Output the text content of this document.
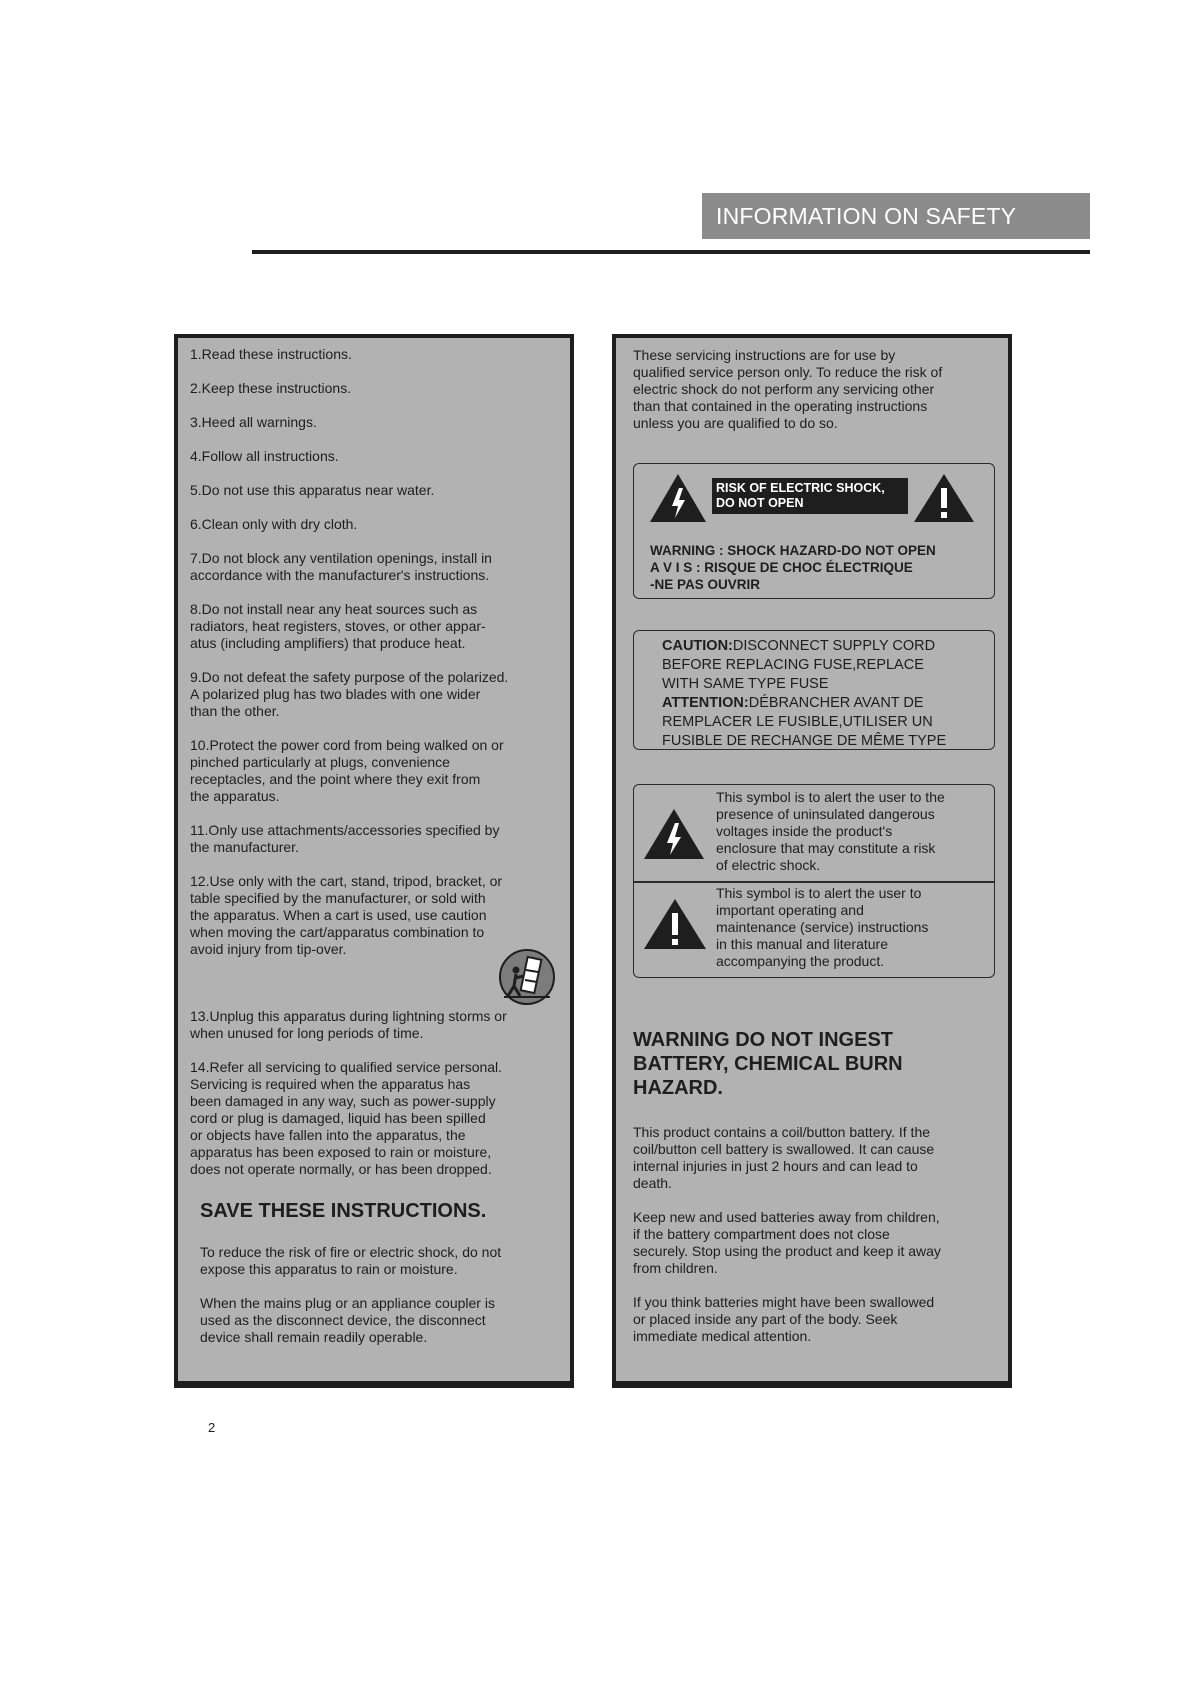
INFORMATION ON SAFETY
1.Read these instructions.
2.Keep these instructions.
3.Heed all warnings.
4.Follow all instructions.
5.Do not use this apparatus near water.
6.Clean only with dry cloth.
7.Do not block any ventilation openings, install in
accordance with the manufacturer's instructions.
8.Do not install near any heat sources such as
radiators, heat registers, stoves, or other appar-
atus (including amplifiers) that produce heat.
9.Do not defeat the safety purpose of the polarized.
A polarized plug has two blades with one wider
than the other.
10.Protect the power cord from being walked on or
pinched particularly at plugs, convenience
receptacles, and the point where they exit from
the apparatus.
11.Only use attachments/accessories specified by
the manufacturer.
12.Use only with the cart, stand, tripod, bracket, or
table specified by the manufacturer, or sold with
the apparatus. When a cart is used, use caution
when moving the cart/apparatus combination to
avoid injury from tip-over.
13.Unplug this apparatus during lightning storms or
when unused for long periods of time.
14.Refer all servicing to qualified service personal.
Servicing is required when the apparatus has
been damaged in any way, such as power-supply
cord or plug is damaged, liquid has been spilled
or objects have fallen into the apparatus, the
apparatus has been exposed to rain or moisture,
does not operate normally, or has been dropped.
SAVE THESE INSTRUCTIONS.
To reduce the risk of fire or electric shock, do not
expose this apparatus to rain or moisture.
When the mains plug or an appliance coupler is
used as the disconnect device, the disconnect
device shall remain readily operable.
These servicing instructions are for use by
qualified service person only. To reduce the risk of
electric shock do not perform any servicing other
than that contained in the operating instructions
unless you are qualified to do so.
RISK OF ELECTRIC SHOCK,
DO NOT OPEN
WARNING : SHOCK HAZARD-DO NOT OPEN
A V I S : RISQUE DE CHOC ÉLECTRIQUE
-NE PAS OUVRIR
CAUTION:DISCONNECT SUPPLY CORD
BEFORE REPLACING FUSE,REPLACE
WITH SAME TYPE FUSE
ATTENTION:DÉBRANCHER AVANT DE
REMPLACER LE FUSIBLE,UTILISER UN
FUSIBLE DE RECHANGE DE MÊME TYPE
This symbol is to alert the user to the
presence of uninsulated dangerous
voltages inside the product's
enclosure that may constitute a risk
of electric shock.
This symbol is to alert the user to
important operating and
maintenance (service) instructions
in this manual and literature
accompanying the product.
WARNING DO NOT INGEST
BATTERY, CHEMICAL BURN
HAZARD.
This product contains a coil/button battery. If the
coil/button cell battery is swallowed. It can cause
internal injuries in just 2 hours and can lead to
death.
Keep new and used batteries away from children,
if the battery compartment does not close
securely. Stop using the product and keep it away
from children.
If you think batteries might have been swallowed
or placed inside any part of the body. Seek
immediate medical attention.
2
